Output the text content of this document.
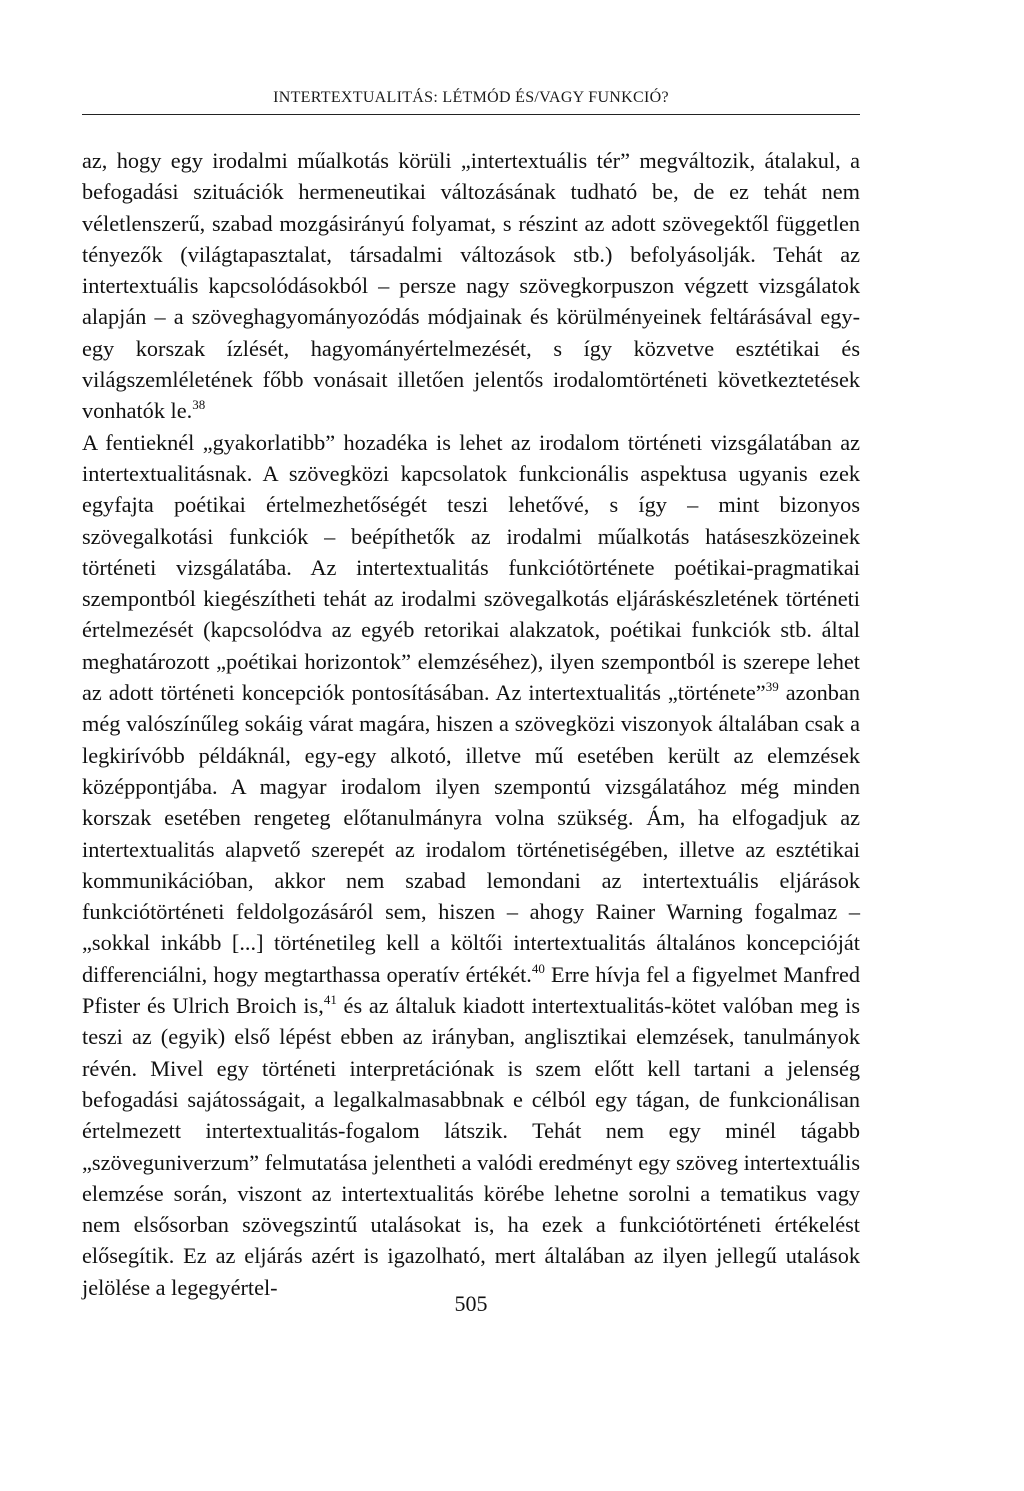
INTERTEXTUALITÁS: LÉTMÓD ÉS/VAGY FUNKCIÓ?

az, hogy egy irodalmi műalkotás körüli „intertextuális tér” megváltozik, átalakul, a befogadási szituációk hermeneutikai változásának tudható be, de ez tehát nem véletlenszerű, szabad mozgásirányú folyamat, s részint az adott szövegektől független tényezők (világtapasztalat, társadalmi változások stb.) befolyásolják. Tehát az intertextuális kapcsolódásokból – persze nagy szövegkorpuszon végzett vizsgálatok alapján – a szöveghagyományozódás módjainak és körülményeinek feltárásával egy-egy korszak ízlését, hagyományértelmezését, s így közvetve esztétikai és világszemléletének főbb vonásait illetően jelentős irodalomtörténeti következtetések vonhatók le.$^{38}$

A fentieknél „gyakorlatibb” hozadéka is lehet az irodalom történeti vizsgálatában az intertextualitásnak. A szövegközi kapcsolatok funkcionális aspektusa ugyanis ezek egyfajta poétikai értelmezhetőségét teszi lehetővé, s így – mint bizonyos szövegalkotási funkciók – beépíthetők az irodalmi műalkotás hatáseszközeinek történeti vizsgálatába. Az intertextualitás funkciótörténete poétikai-pragmatikai szempontból kiegészítheti tehát az irodalmi szövegalkotás eljáráskészletének történeti értelmezését (kapcsolódva az egyéb retorikai alakzatok, poétikai funkciók stb. által meghatározott „poétikai horizontok” elemzéséhez), ilyen szempontból is szerepe lehet az adott történeti koncepciók pontosításában. Az intertextualitás „története”$^{39}$ azonban még valószínűleg sokáig várat magára, hiszen a szövegközi viszonyok általában csak a legkirívóbb példáknál, egy-egy alkotó, illetve mű esetében került az elemzések középpontjába. A magyar irodalom ilyen szempontú vizsgálatához még minden korszak esetében rengeteg előtanulmányra volna szükség. Ám, ha elfogadjuk az intertextualitás alapvető szerepét az irodalom történetiségében, illetve az esztétikai kommunikációban, akkor nem szabad lemondani az intertextuális eljárások funkciótörténeti feldolgozásáról sem, hiszen – ahogy Rainer Warning fogalmaz – „sokkal inkább [...] történetileg kell a költői intertextualitás általános koncepcióját differenciálni, hogy megtarthassa operatív értékét.$^{40}$ Erre hívja fel a figyelmet Manfred Pfister és Ulrich Broich is,$^{41}$ és az általuk kiadott intertextualitás-kötet valóban meg is teszi az (egyik) első lépést ebben az irányban, anglisztikai elemzések, tanulmányok révén. Mivel egy történeti interpretációnak is szem előtt kell tartani a jelenség befogadási sajátosságait, a legalkalmasabbnak e célból egy tágan, de funkcionálisan értelmezett intertextualitás-fogalom látszik. Tehát nem egy minél tágabb „szöveguniverzum” felmutatása jelentheti a valódi eredményt egy szöveg intertextuális elemzése során, viszont az intertextualitás körébe lehetne sorolni a tematikus vagy nem elsősorban szövegszintű utalásokat is, ha ezek a funkciótörténeti értékelést elősegítik. Ez az eljárás azért is igazolható, mert általában az ilyen jellegű utalások jelölése a legegyértel-

505
